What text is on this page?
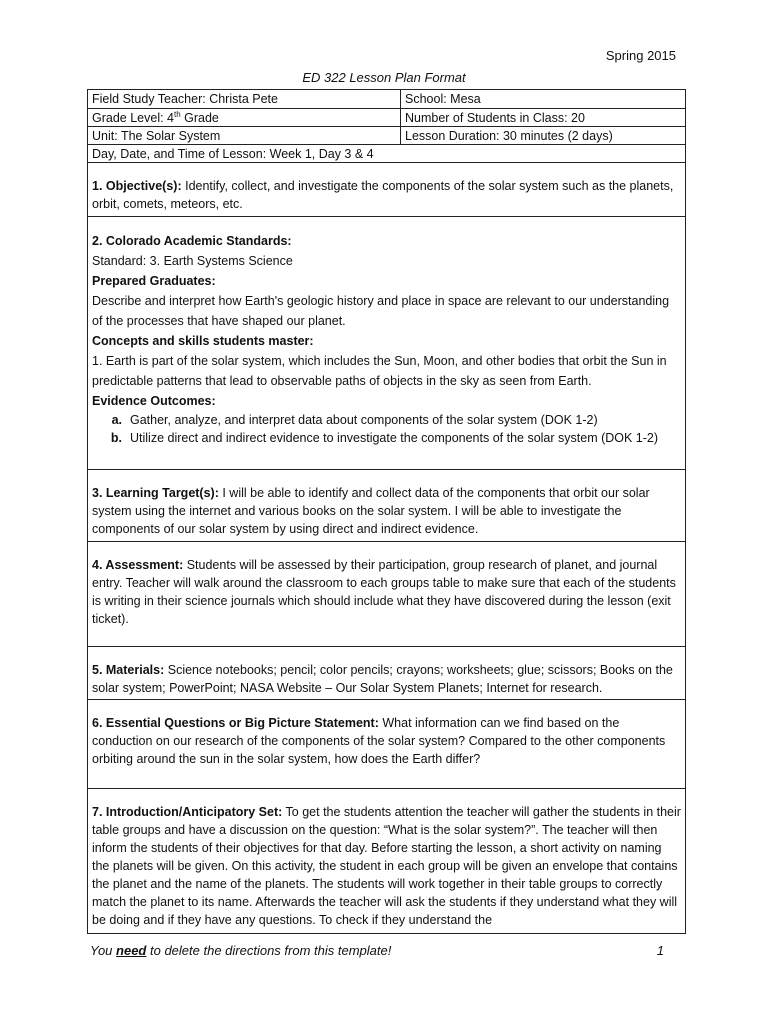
Spring 2015
ED 322 Lesson Plan Format
Field Study Teacher: Christa Pete	School: Mesa
Grade Level: 4th Grade	Number of Students in Class: 20
Unit: The Solar System	Lesson Duration: 30 minutes (2 days)
Day, Date, and Time of Lesson: Week 1, Day 3 & 4

1. Objective(s): Identify, collect, and investigate the components of the solar system such as the planets, orbit, comets, meteors, etc.

2. Colorado Academic Standards:

Standard: 3. Earth Systems Science

Prepared Graduates:

Describe and interpret how Earth's geologic history and place in space are relevant to our understanding of the processes that have shaped our planet.

Concepts and skills students master:

1. Earth is part of the solar system, which includes the Sun, Moon, and other bodies that orbit the Sun in predictable patterns that lead to observable paths of objects in the sky as seen from Earth.

Evidence Outcomes:

a. Gather, analyze, and interpret data about components of the solar system (DOK 1-2)
b. Utilize direct and indirect evidence to investigate the components of the solar system (DOK 1-2)

3. Learning Target(s): I will be able to identify and collect data of the components that orbit our solar system using the internet and various books on the solar system. I will be able to investigate the components of our solar system by using direct and indirect evidence.

4. Assessment: Students will be assessed by their participation, group research of planet, and journal entry. Teacher will walk around the classroom to each groups table to make sure that each of the students is writing in their science journals which should include what they have discovered during the lesson (exit ticket).

5. Materials: Science notebooks; pencil; color pencils; crayons; worksheets; glue; scissors; Books on the solar system; PowerPoint; NASA Website – Our Solar System Planets; Internet for research.

6. Essential Questions or Big Picture Statement: What information can we find based on the conduction on our research of the components of the solar system? Compared to the other components orbiting around the sun in the solar system, how does the Earth differ?

7. Introduction/Anticipatory Set: To get the students attention the teacher will gather the students in their table groups and have a discussion on the question: “What is the solar system?”. The teacher will then inform the students of their objectives for that day. Before starting the lesson, a short activity on naming the planets will be given. On this activity, the student in each group will be given an envelope that contains the planet and the name of the planets. The students will work together in their table groups to correctly match the planet to its name. Afterwards the teacher will ask the students if they understand what they will be doing and if they have any questions. To check if they understand the

You need to delete the directions from this template!	1
